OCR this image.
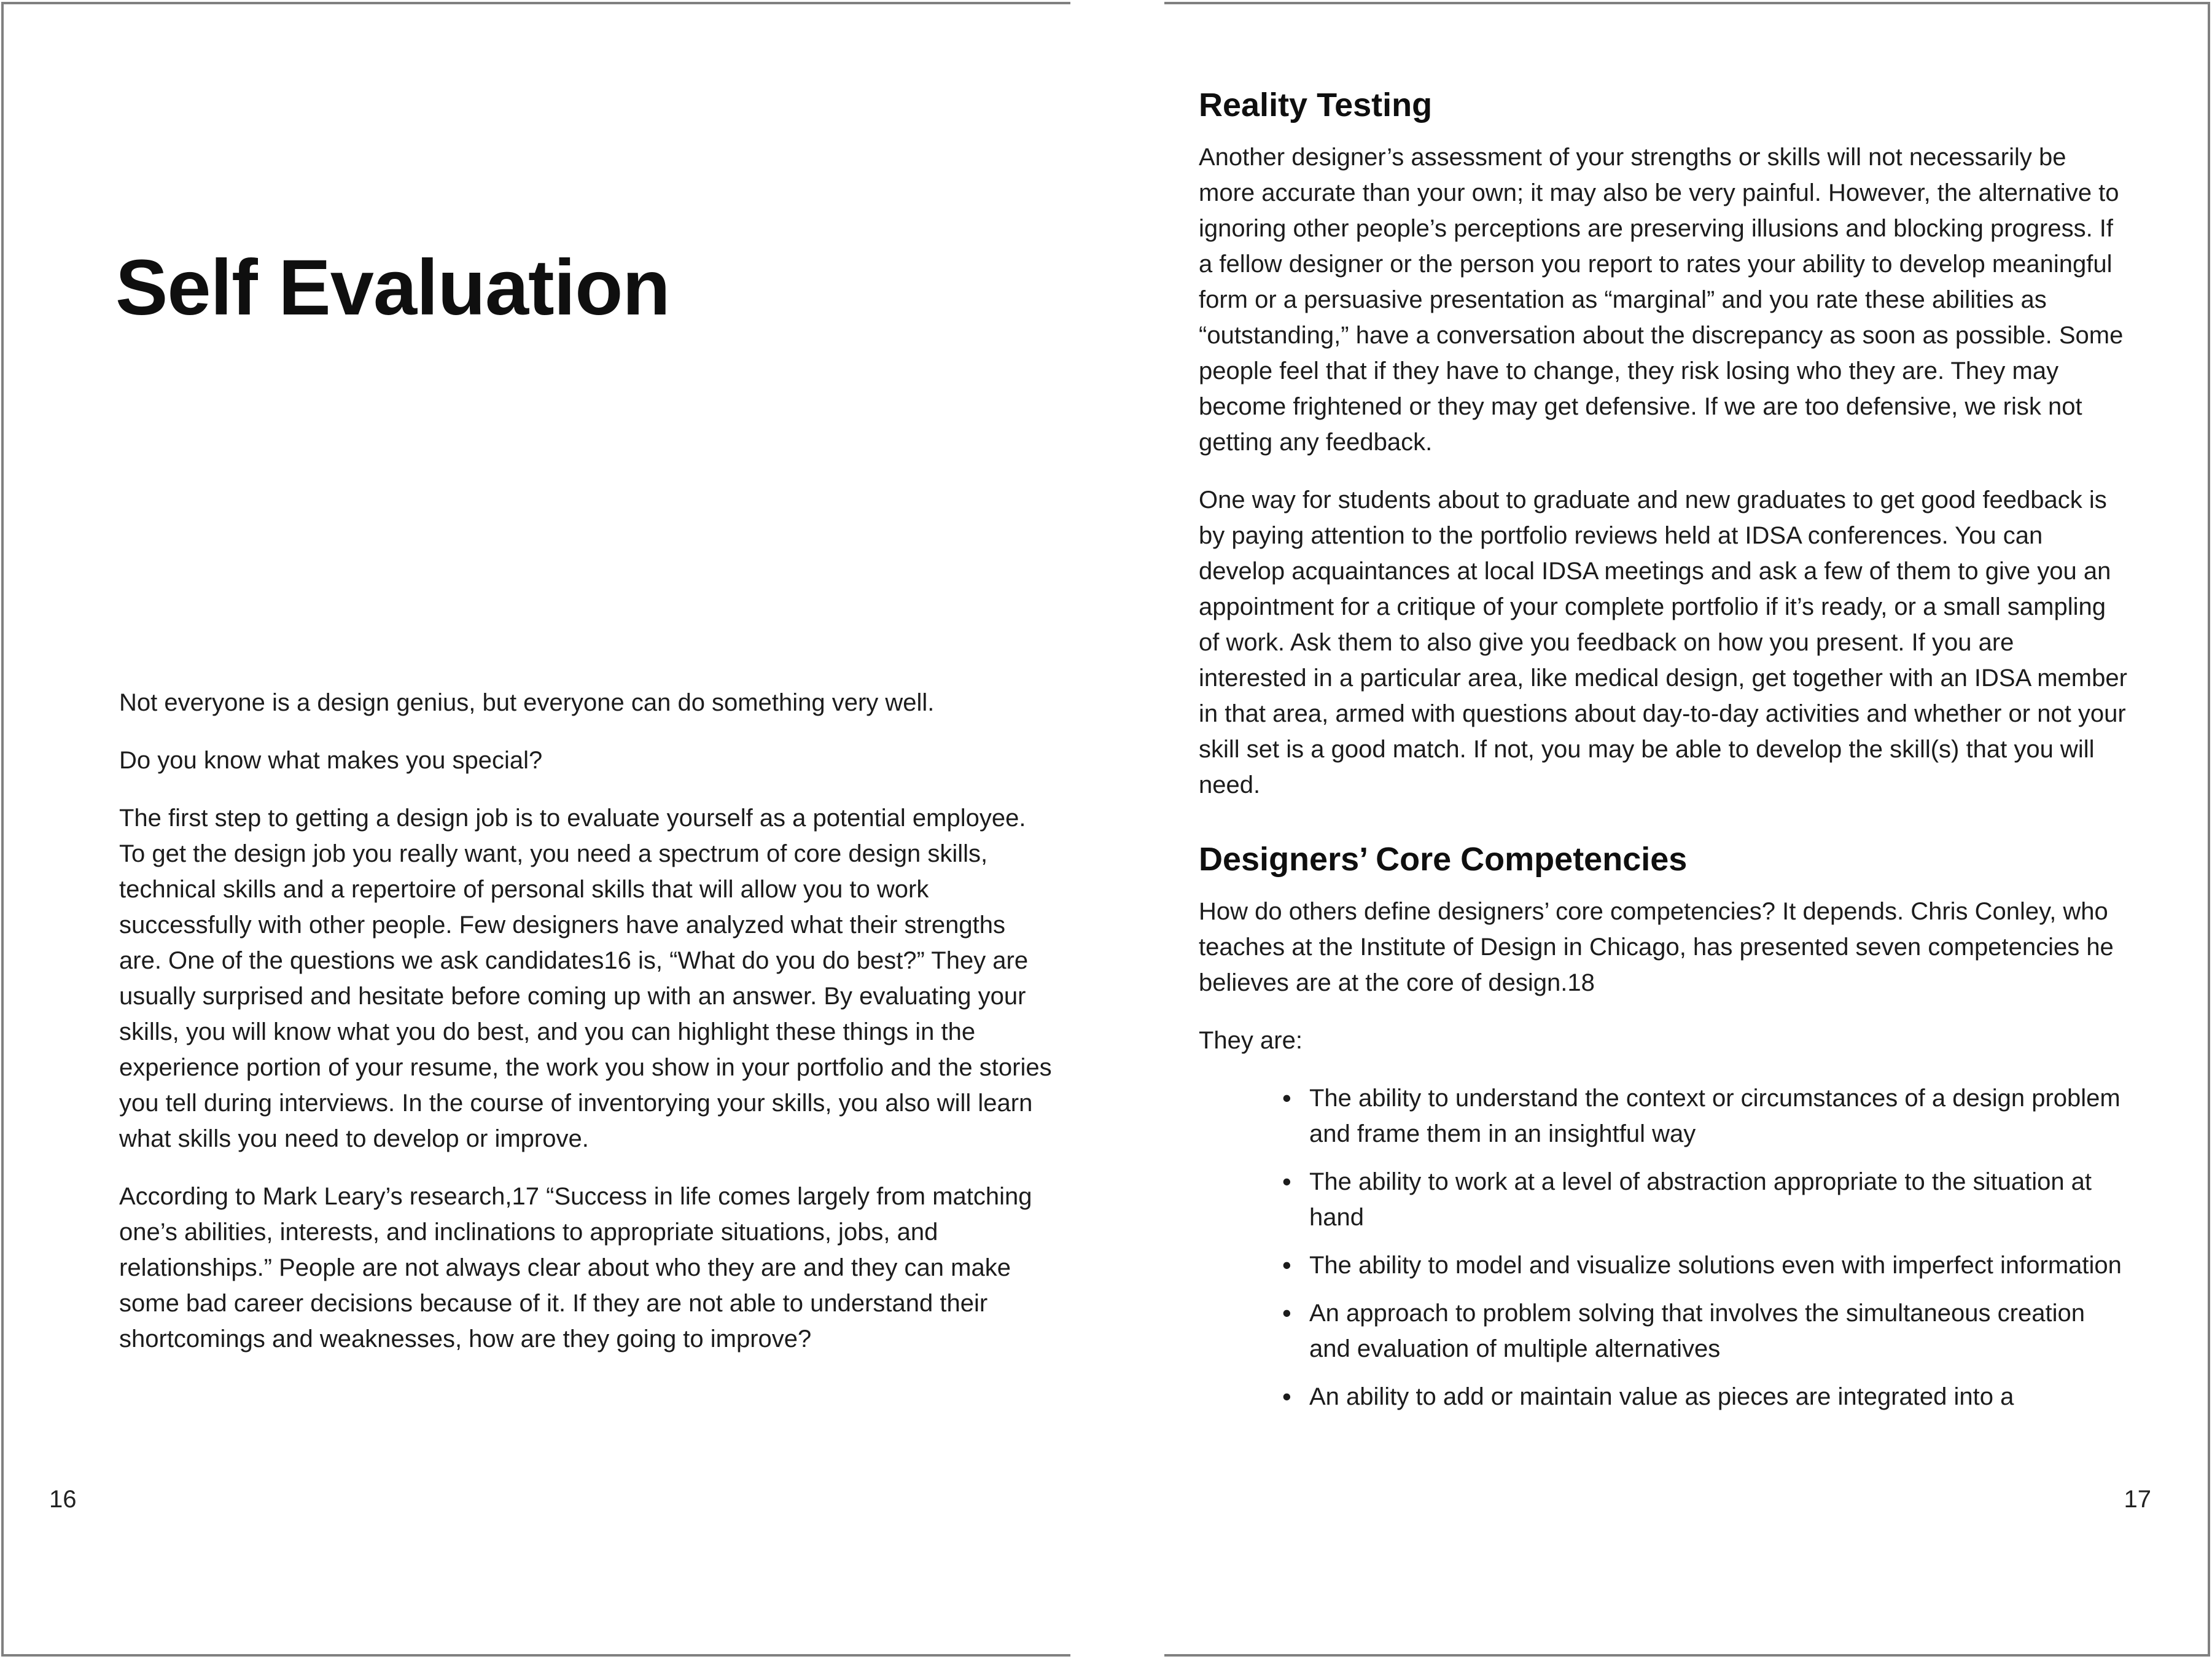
Self Evaluation

Not everyone is a design genius, but everyone can do something very well.

Do you know what makes you special?

The first step to getting a design job is to evaluate yourself as a potential employee. To get the design job you really want, you need a spectrum of core design skills, technical skills and a repertoire of personal skills that will allow you to work successfully with other people. Few designers have analyzed what their strengths are. One of the questions we ask candidates16 is, “What do you do best?” They are usually surprised and hesitate before coming up with an answer. By evaluating your skills, you will know what you do best, and you can highlight these things in the experience portion of your resume, the work you show in your portfolio and the stories you tell during interviews. In the course of inventorying your skills, you also will learn what skills you need to develop or improve.

According to Mark Leary’s research,17 “Success in life comes largely from matching one’s abilities, interests, and inclinations to appropriate situations, jobs, and relationships.” People are not always clear about who they are and they can make some bad career decisions because of it. If they are not able to understand their shortcomings and weaknesses, how are they going to improve?

16
Reality Testing

Another designer’s assessment of your strengths or skills will not necessarily be more accurate than your own; it may also be very painful. However, the alternative to ignoring other people’s perceptions are preserving illusions and blocking progress. If a fellow designer or the person you report to rates your ability to develop meaningful form or a persuasive presentation as “marginal” and you rate these abilities as “outstanding,” have a conversation about the discrepancy as soon as possible. Some people feel that if they have to change, they risk losing who they are. They may become frightened or they may get defensive. If we are too defensive, we risk not getting any feedback.

One way for students about to graduate and new graduates to get good feedback is by paying attention to the portfolio reviews held at IDSA conferences. You can develop acquaintances at local IDSA meetings and ask a few of them to give you an appointment for a critique of your complete portfolio if it’s ready, or a small sampling of work. Ask them to also give you feedback on how you present. If you are interested in a particular area, like medical design, get together with an IDSA member in that area, armed with questions about day-to-day activities and whether or not your skill set is a good match. If not, you may be able to develop the skill(s) that you will need.

Designers’ Core Competencies

How do others define designers’ core competencies? It depends. Chris Conley, who teaches at the Institute of Design in Chicago, has presented seven competencies he believes are at the core of design.18

They are:

• The ability to understand the context or circumstances of a design problem and frame them in an insightful way
• The ability to work at a level of abstraction appropriate to the situation at hand
• The ability to model and visualize solutions even with imperfect information
• An approach to problem solving that involves the simultaneous creation and evaluation of multiple alternatives
• An ability to add or maintain value as pieces are integrated into a
17
